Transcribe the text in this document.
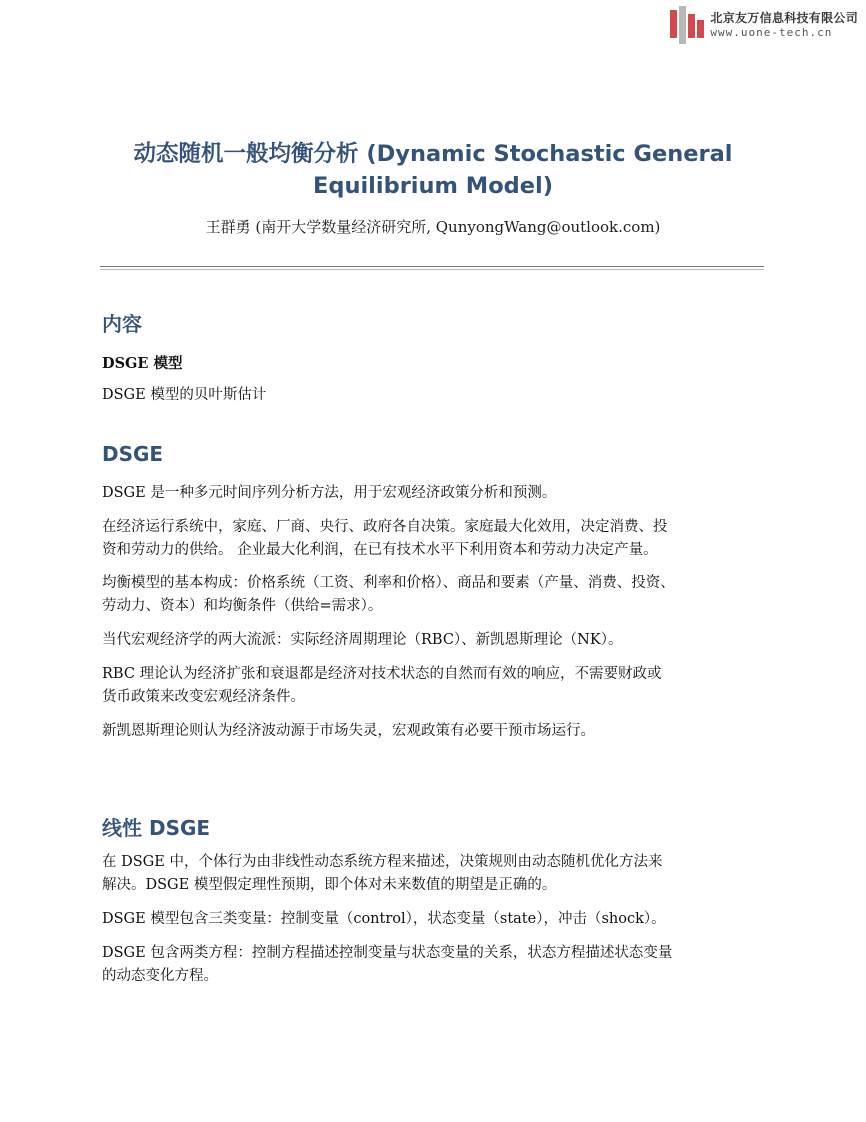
北京友万信息科技有限公司
www.uone-tech.cn
动态随机一般均衡分析 (Dynamic Stochastic General
Equilibrium Model)
王群勇 (南开大学数量经济研究所, QunyongWang@outlook.com)
内容

DSGE 模型

DSGE 模型的贝叶斯估计

DSGE

DSGE 是一种多元时间序列分析方法，用于宏观经济政策分析和预测。

在经济运行系统中，家庭、厂商、央行、政府各自决策。家庭最大化效用，决定消费、投
资和劳动力的供给。 企业最大化利润，在已有技术水平下利用资本和劳动力决定产量。

均衡模型的基本构成：价格系统（工资、利率和价格）、商品和要素（产量、消费、投资、
劳动力、资本）和均衡条件（供给=需求）。

当代宏观经济学的两大流派：实际经济周期理论（RBC）、新凯恩斯理论（NK）。

RBC 理论认为经济扩张和衰退都是经济对技术状态的自然而有效的响应，不需要财政或
货币政策来改变宏观经济条件。

新凯恩斯理论则认为经济波动源于市场失灵，宏观政策有必要干预市场运行。

线性 DSGE

在 DSGE 中，个体行为由非线性动态系统方程来描述，决策规则由动态随机优化方法来
解决。DSGE 模型假定理性预期，即个体对未来数值的期望是正确的。

DSGE 模型包含三类变量：控制变量（control），状态变量（state），冲击（shock）。

DSGE 包含两类方程：控制方程描述控制变量与状态变量的关系，状态方程描述状态变量
的动态变化方程。
